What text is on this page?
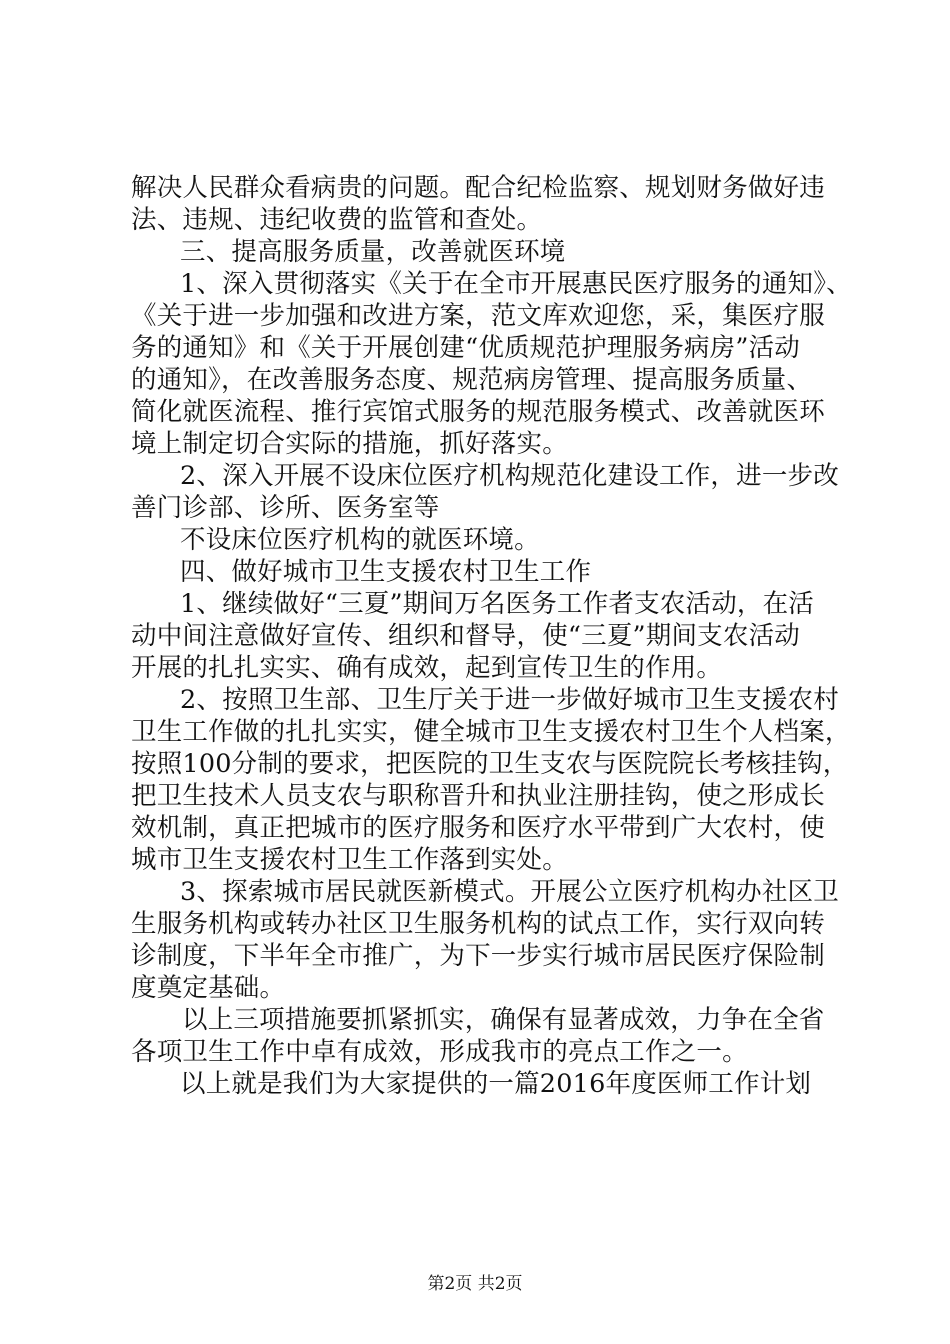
解决人民群众看病贵的问题。配合纪检监察、规划财务做好违
法、违规、违纪收费的监管和查处。
三、提高服务质量，改善就医环境
1、深入贯彻落实《关于在全市开展惠民医疗服务的通知》、
《关于进一步加强和改进方案，范文库欢迎您，采，集医疗服
务的通知》和《关于开展创建“优质规范护理服务病房”活动
的通知》，在改善服务态度、规范病房管理、提高服务质量、
简化就医流程、推行宾馆式服务的规范服务模式、改善就医环
境上制定切合实际的措施，抓好落实。
2、深入开展不设床位医疗机构规范化建设工作，进一步改
善门诊部、诊所、医务室等
不设床位医疗机构的就医环境。
四、做好城市卫生支援农村卫生工作
1、继续做好“三夏”期间万名医务工作者支农活动，在活
动中间注意做好宣传、组织和督导，使“三夏”期间支农活动
开展的扎扎实实、确有成效，起到宣传卫生的作用。
2、按照卫生部、卫生厅关于进一步做好城市卫生支援农村
卫生工作做的扎扎实实，健全城市卫生支援农村卫生个人档案，
按照100分制的要求，把医院的卫生支农与医院院长考核挂钩，
把卫生技术人员支农与职称晋升和执业注册挂钩，使之形成长
效机制，真正把城市的医疗服务和医疗水平带到广大农村，使
城市卫生支援农村卫生工作落到实处。
3、探索城市居民就医新模式。开展公立医疗机构办社区卫
生服务机构或转办社区卫生服务机构的试点工作，实行双向转
诊制度，下半年全市推广，为下一步实行城市居民医疗保险制
度奠定基础。
以上三项措施要抓紧抓实，确保有显著成效，力争在全省
各项卫生工作中卓有成效，形成我市的亮点工作之一。
以上就是我们为大家提供的一篇2016年度医师工作计划
第2页 共2页
